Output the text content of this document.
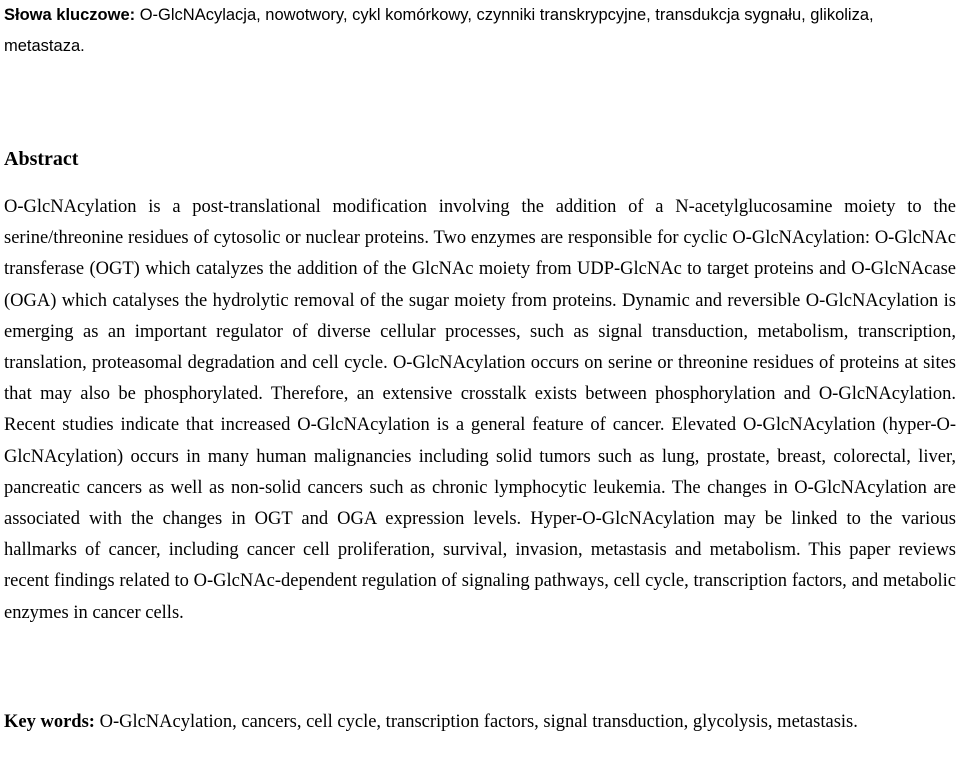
Słowa kluczowe: O-GlcNAcylacja, nowotwory, cykl komórkowy, czynniki transkrypcyjne, transdukcja sygnału, glikoliza, metastaza.

Abstract

O-GlcNAcylation is a post-translational modification involving the addition of a N-acetylglucosamine moiety to the serine/threonine residues of cytosolic or nuclear proteins. Two enzymes are responsible for cyclic O-GlcNAcylation: O-GlcNAc transferase (OGT) which catalyzes the addition of the GlcNAc moiety from UDP-GlcNAc to target proteins and O-GlcNAcase (OGA) which catalyses the hydrolytic removal of the sugar moiety from proteins. Dynamic and reversible O-GlcNAcylation is emerging as an important regulator of diverse cellular processes, such as signal transduction, metabolism, transcription, translation, proteasomal degradation and cell cycle. O-GlcNAcylation occurs on serine or threonine residues of proteins at sites that may also be phosphorylated. Therefore, an extensive crosstalk exists between phosphorylation and O-GlcNAcylation. Recent studies indicate that increased O-GlcNAcylation is a general feature of cancer. Elevated O-GlcNAcylation (hyper-O-GlcNAcylation) occurs in many human malignancies including solid tumors such as lung, prostate, breast, colorectal, liver, pancreatic cancers as well as non-solid cancers such as chronic lymphocytic leukemia. The changes in O-GlcNAcylation are associated with the changes in OGT and OGA expression levels. Hyper-O-GlcNAcylation may be linked to the various hallmarks of cancer, including cancer cell proliferation, survival, invasion, metastasis and metabolism. This paper reviews recent findings related to O-GlcNAc-dependent regulation of signaling pathways, cell cycle, transcription factors, and metabolic enzymes in cancer cells.

Key words: O-GlcNAcylation, cancers, cell cycle, transcription factors, signal transduction, glycolysis, metastasis.
